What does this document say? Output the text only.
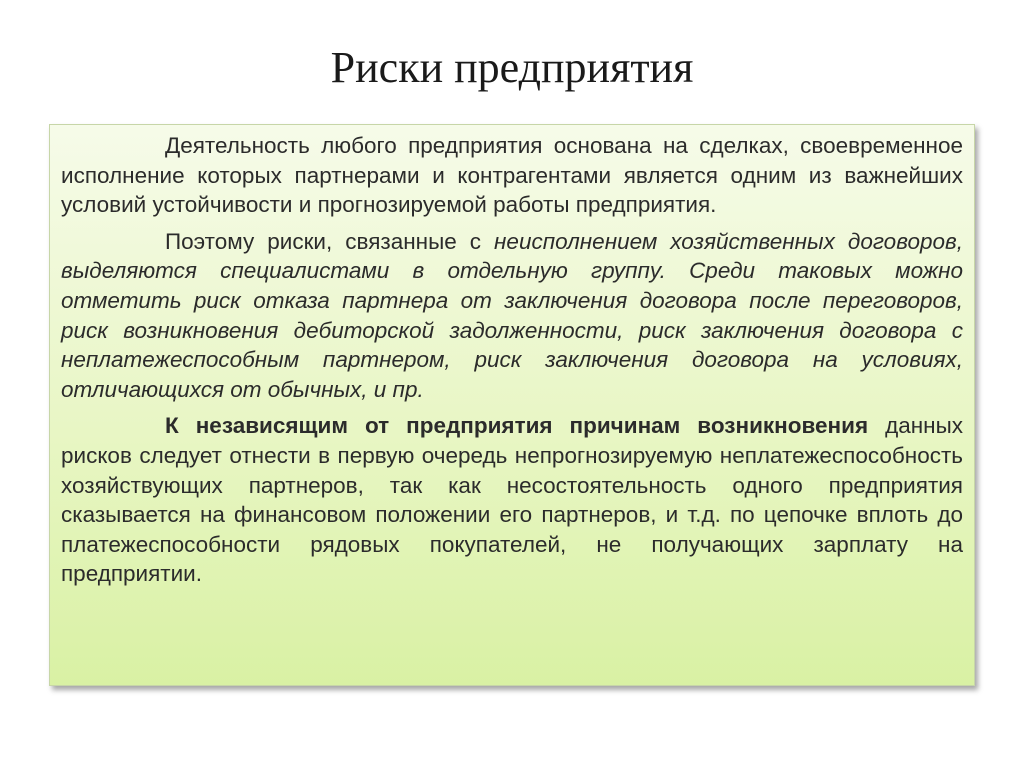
Риски предприятия

Деятельность любого предприятия основана на сделках, своевременное исполнение которых партнерами и контрагентами является одним из важнейших условий устойчивости и прогнозируемой работы предприятия.

Поэтому риски, связанные с неисполнением хозяйственных договоров, выделяются специалистами в отдельную группу. Среди таковых можно отметить риск отказа партнера от заключения договора после переговоров, риск возникновения дебиторской задолженности, риск заключения договора с неплатежеспособным партнером, риск заключения договора на условиях, отличающихся от обычных, и пр.

К независящим от предприятия причинам возникновения данных рисков следует отнести в первую очередь непрогнозируемую неплатежеспособность хозяйствующих партнеров, так как несостоятельность одного предприятия сказывается на финансовом положении его партнеров, и т.д. по цепочке вплоть до платежеспособности рядовых покупателей, не получающих зарплату на предприятии.
